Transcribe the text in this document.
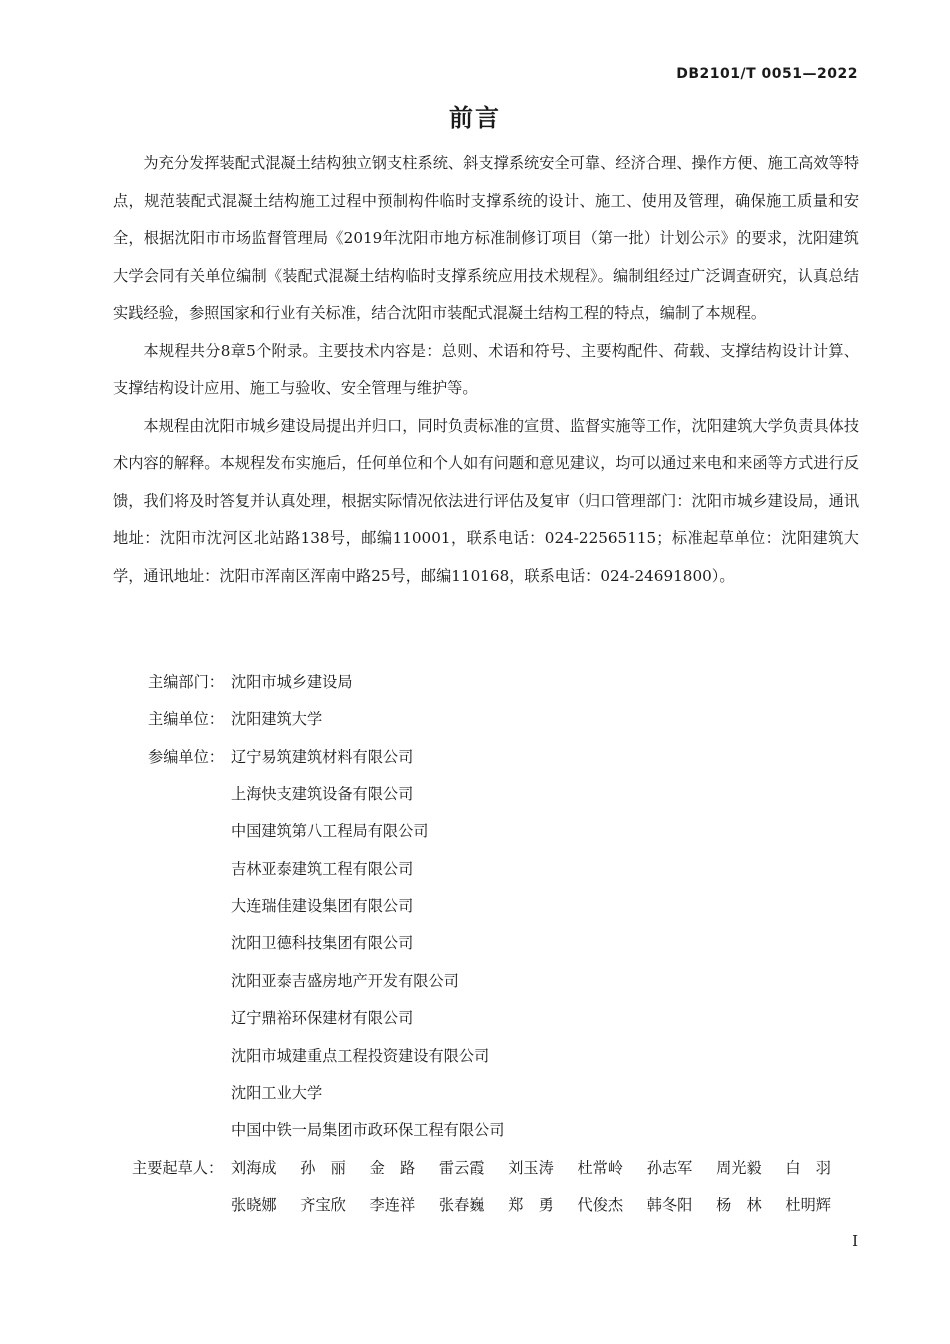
DB2101/T 0051—2022
前言

为充分发挥装配式混凝土结构独立钢支柱系统、斜支撑系统安全可靠、经济合理、操作方便、施工高效等特点，规范装配式混凝土结构施工过程中预制构件临时支撑系统的设计、施工、使用及管理，确保施工质量和安全，根据沈阳市市场监督管理局《2019年沈阳市地方标准制修订项目（第一批）计划公示》的要求，沈阳建筑大学会同有关单位编制《装配式混凝土结构临时支撑系统应用技术规程》。编制组经过广泛调查研究，认真总结实践经验，参照国家和行业有关标准，结合沈阳市装配式混凝土结构工程的特点，编制了本规程。

本规程共分8章5个附录。主要技术内容是：总则、术语和符号、主要构配件、荷载、支撑结构设计计算、支撑结构设计应用、施工与验收、安全管理与维护等。

本规程由沈阳市城乡建设局提出并归口，同时负责标准的宣贯、监督实施等工作，沈阳建筑大学负责具体技术内容的解释。本规程发布实施后，任何单位和个人如有问题和意见建议，均可以通过来电和来函等方式进行反馈，我们将及时答复并认真处理，根据实际情况依法进行评估及复审（归口管理部门：沈阳市城乡建设局，通讯地址：沈阳市沈河区北站路138号，邮编110001，联系电话：024-22565115；标准起草单位：沈阳建筑大学，通讯地址：沈阳市浑南区浑南中路25号，邮编110168，联系电话：024-24691800）。

主编部门： 沈阳市城乡建设局
主编单位： 沈阳建筑大学
参编单位： 辽宁易筑建筑材料有限公司
上海快支建筑设备有限公司
中国建筑第八工程局有限公司
吉林亚泰建筑工程有限公司
大连瑞佳建设集团有限公司
沈阳卫德科技集团有限公司
沈阳亚泰吉盛房地产开发有限公司
辽宁鼎裕环保建材有限公司
沈阳市城建重点工程投资建设有限公司
沈阳工业大学
中国中铁一局集团市政环保工程有限公司
主要起草人： 刘海成 孙　丽 金　路 雷云霞 刘玉涛 杜常岭 孙志军 周光毅 白　羽
张晓娜 齐宝欣 李连祥 张春巍 郑　勇 代俊杰 韩冬阳 杨　林 杜明辉
I
